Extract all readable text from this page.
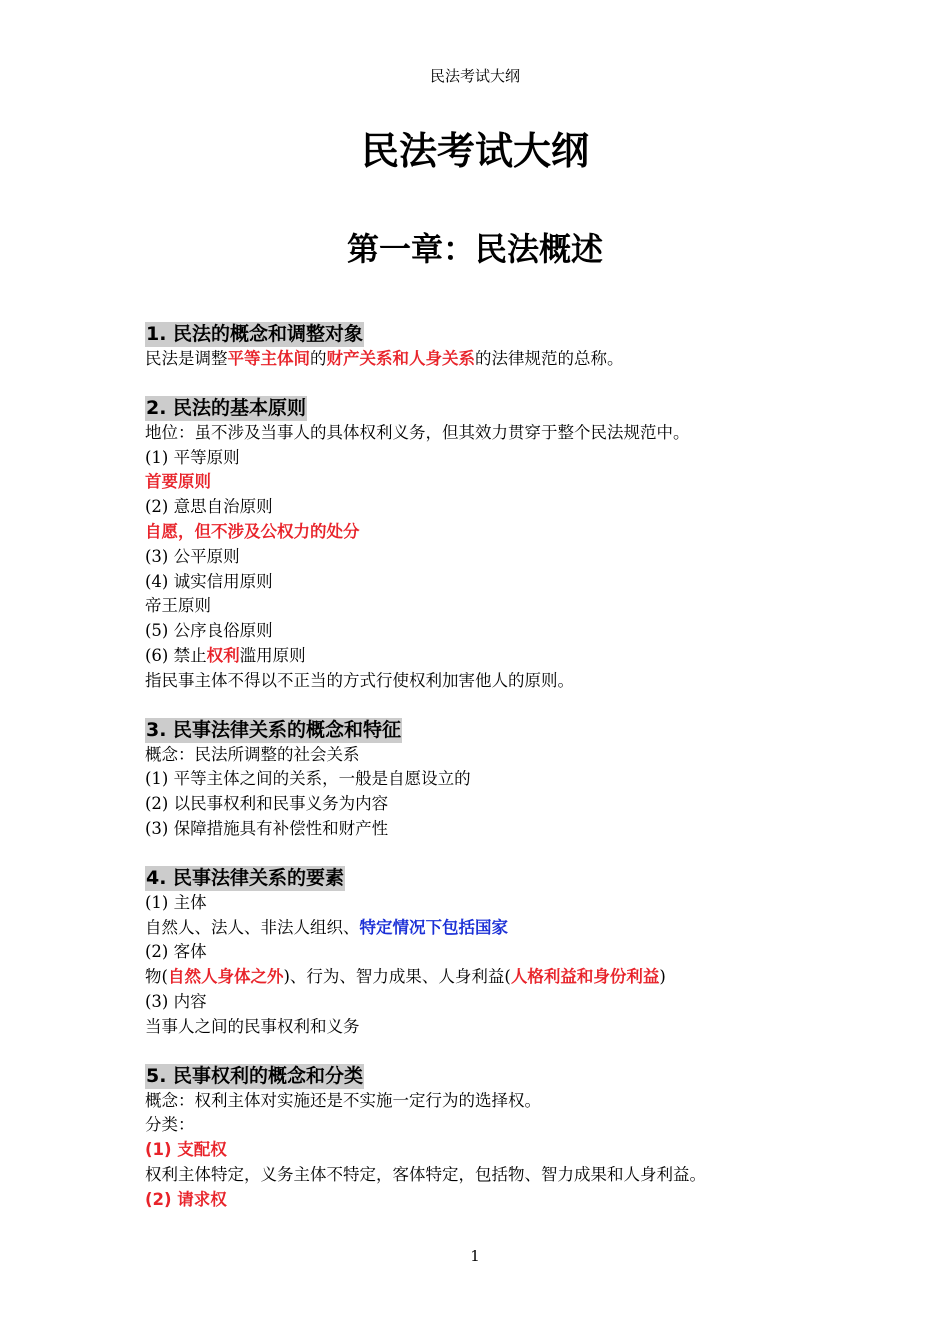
民法考试大纲
民法考试大纲
第一章：民法概述
1. 民法的概念和调整对象
民法是调整平等主体间的财产关系和人身关系的法律规范的总称。
2. 民法的基本原则
地位：虽不涉及当事人的具体权利义务，但其效力贯穿于整个民法规范中。
(1) 平等原则
首要原则
(2) 意思自治原则
自愿，但不涉及公权力的处分
(3) 公平原则
(4) 诚实信用原则
帝王原则
(5) 公序良俗原则
(6) 禁止权利滥用原则
指民事主体不得以不正当的方式行使权利加害他人的原则。
3. 民事法律关系的概念和特征
概念：民法所调整的社会关系
(1) 平等主体之间的关系，一般是自愿设立的
(2) 以民事权利和民事义务为内容
(3) 保障措施具有补偿性和财产性
4. 民事法律关系的要素
(1) 主体
自然人、法人、非法人组织、特定情况下包括国家
(2) 客体
物(自然人身体之外)、行为、智力成果、人身利益(人格利益和身份利益)
(3) 内容
当事人之间的民事权利和义务
5. 民事权利的概念和分类
概念：权利主体对实施还是不实施一定行为的选择权。
分类：
(1) 支配权
权利主体特定，义务主体不特定，客体特定，包括物、智力成果和人身利益。
(2) 请求权
1
